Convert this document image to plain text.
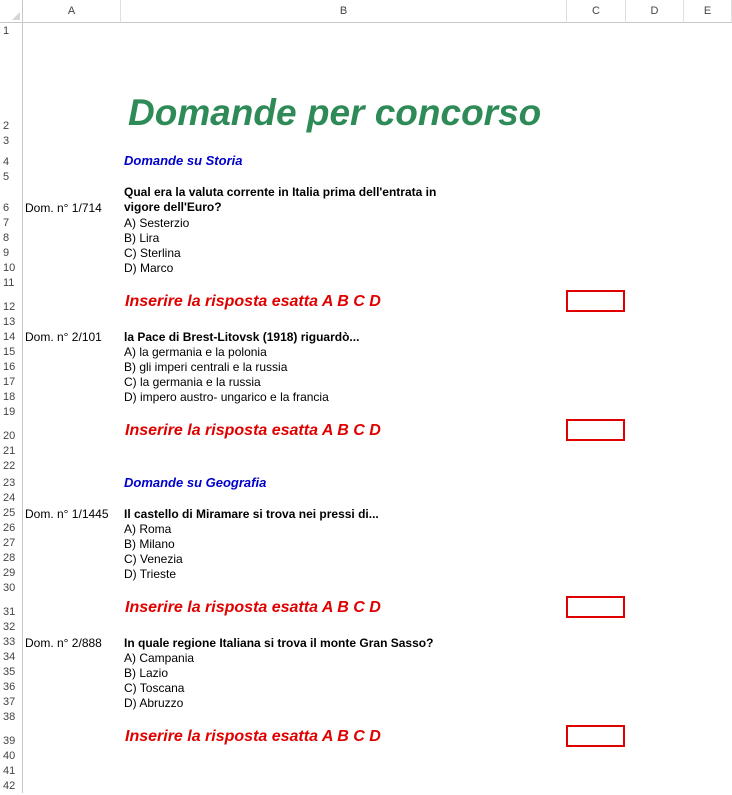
A	B	C	D	E
1
2
3
4
5
6
7
8
9
10
11
12
13
14
15
16
17
18
19
20
21
22
23
24
25
26
27
28
29
30
31
32
33
34
35
36
37
38
39
40
41
42
Domande per concorso
Domande su Storia
Dom. n° 1/714
Qual era la valuta corrente in Italia prima dell'entrata in
vigore dell'Euro?
A) Sesterzio
B) Lira
C) Sterlina
D) Marco
Inserire la risposta esatta A B C D
Dom. n° 2/101 la Pace di Brest-Litovsk (1918) riguardò...
A) la germania e la polonia
B) gli imperi centrali e la russia
C) la germania e la russia
D) impero austro- ungarico e la francia
Inserire la risposta esatta A B C D
Domande su Geografia
Dom. n° 1/1445 Il castello di Miramare si trova nei pressi di...
A) Roma
B) Milano
C) Venezia
D) Trieste
Inserire la risposta esatta A B C D
Dom. n° 2/888 In quale regione Italiana si trova il monte Gran Sasso?
A) Campania
B) Lazio
C) Toscana
D) Abruzzo
Inserire la risposta esatta A B C D
